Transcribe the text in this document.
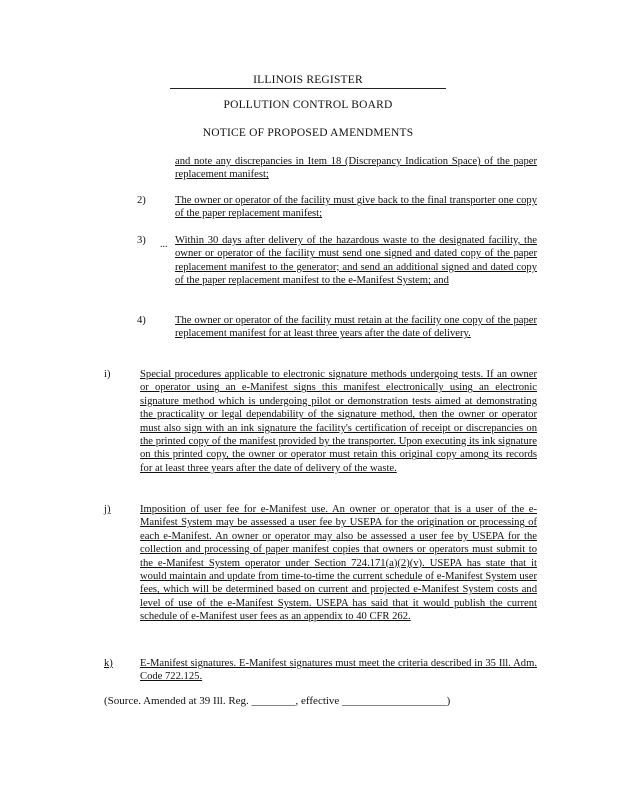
ILLINOIS REGISTER
POLLUTION CONTROL BOARD
NOTICE OF PROPOSED AMENDMENTS
and note any discrepancies in Item 18 (Discrepancy Indication Space) of the paper replacement manifest;
2)	The owner or operator of the facility must give back to the final transporter one copy of the paper replacement manifest;
3) ... Within 30 days after delivery of the hazardous waste to the designated facility, the owner or operator of the facility must send one signed and dated copy of the paper replacement manifest to the generator; and send an additional signed and dated copy of the paper replacement manifest to the e-Manifest System; and
4)	The owner or operator of the facility must retain at the facility one copy of the paper replacement manifest for at least three years after the date of delivery.
i)	Special procedures applicable to electronic signature methods undergoing tests. If an owner or operator using an e-Manifest signs this manifest electronically using an electronic signature method which is undergoing pilot or demonstration tests aimed at demonstrating the practicality or legal dependability of the signature method, then the owner or operator must also sign with an ink signature the facility's certification of receipt or discrepancies on the printed copy of the manifest provided by the transporter. Upon executing its ink signature on this printed copy, the owner or operator must retain this original copy among its records for at least three years after the date of delivery of the waste.
j)	Imposition of user fee for e-Manifest use. An owner or operator that is a user of the e-Manifest System may be assessed a user fee by USEPA for the origination or processing of each e-Manifest. An owner or operator may also be assessed a user fee by USEPA for the collection and processing of paper manifest copies that owners or operators must submit to the e-Manifest System operator under Section 724.171(a)(2)(v). USEPA has state that it would maintain and update from time-to-time the current schedule of e-Manifest System user fees, which will be determined based on current and projected e-Manifest System costs and level of use of the e-Manifest System. USEPA has said that it would publish the current schedule of e-Manifest user fees as an appendix to 40 CFR 262.
k)	E-Manifest signatures. E-Manifest signatures must meet the criteria described in 35 Ill. Adm. Code 722.125.
(Source. Amended at 39 Ill. Reg. ________, effective ___________________)
